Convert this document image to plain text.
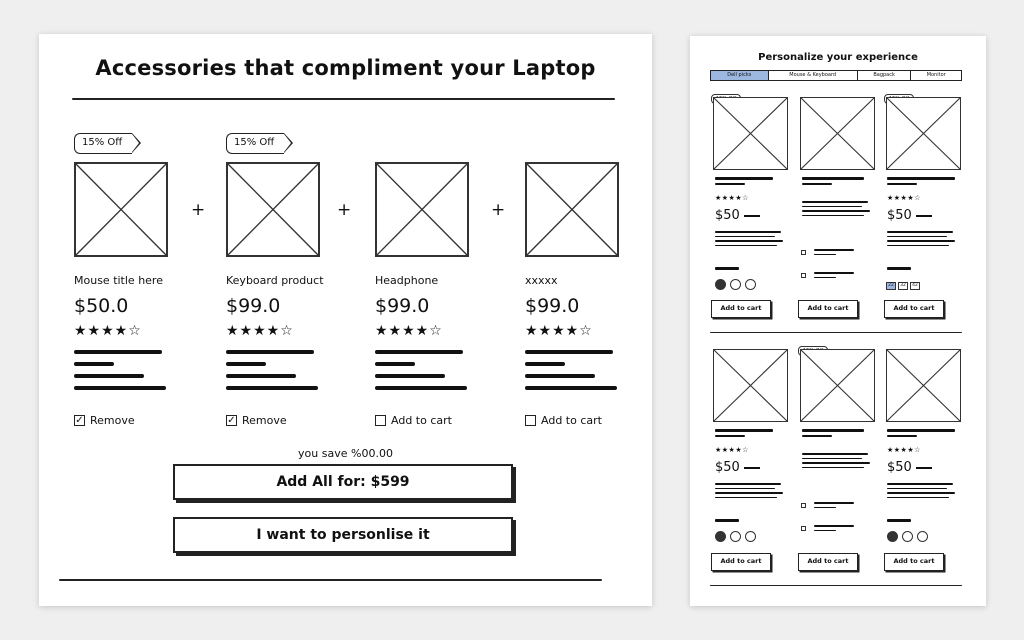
Accessories that compliment your Laptop
15% Off
Mouse title here
$50.0
★★★★☆
✓ Remove
+
15% Off
Keyboard product
$99.0
★★★★☆
✓ Remove
+
Headphone
$99.0
★★★★☆
Add to cart
+
xxxxx
$99.0
★★★★☆
Add to cart
you save %00.00
Add All for: $599
I want to personlise it
Personalize your experience
Dell picks	Mouse & Keyboard	Bagpack	Monitor
★★★★☆
$50
Add to cart	Add to cart
★★★★☆
$50
22	32	42
Add to cart
★★★★☆
$50
Add to cart	Add to cart
★★★★☆
$50
Add to cart
